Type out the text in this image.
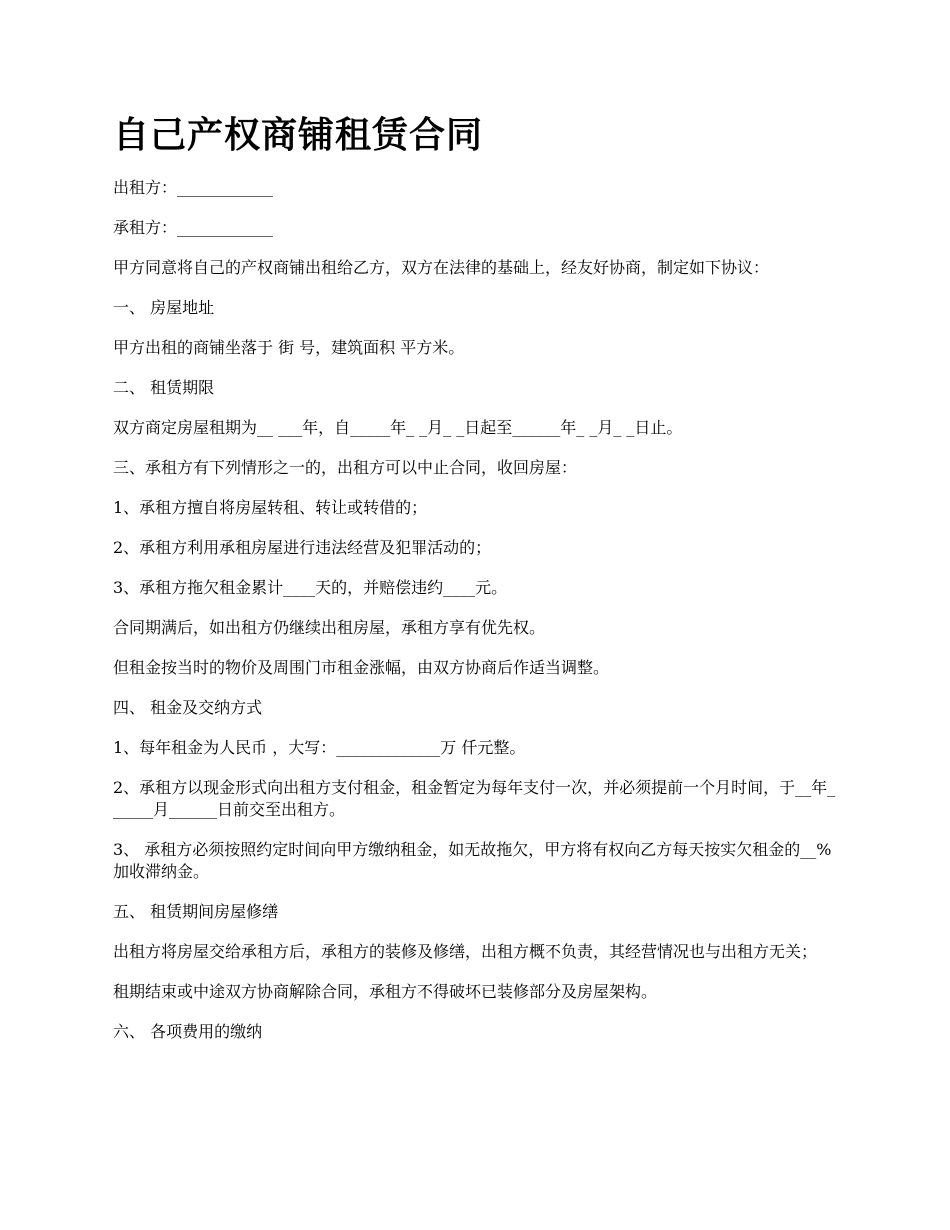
自己产权商铺租赁合同

出租方：____________

承租方：____________

甲方同意将自己的产权商铺出租给乙方，双方在法律的基础上，经友好协商，制定如下协议：

一、 房屋地址

甲方出租的商铺坐落于 街 号，建筑面积 平方米。

二、 租赁期限

双方商定房屋租期为__ ___年，自_____年_ _月_ _日起至______年_ _月_ _日止。

三、承租方有下列情形之一的，出租方可以中止合同，收回房屋：

1、承租方擅自将房屋转租、转让或转借的；

2、承租方利用承租房屋进行违法经营及犯罪活动的；

3、承租方拖欠租金累计____天的，并赔偿违约____元。

合同期满后，如出租方仍继续出租房屋，承租方享有优先权。

但租金按当时的物价及周围门市租金涨幅，由双方协商后作适当调整。

四、 租金及交纳方式

1、每年租金为人民币 ，大写：_____________万 仟元整。

2、承租方以现金形式向出租方支付租金，租金暂定为每年支付一次，并必须提前一个月时间，于__年______月______日前交至出租方。

3、 承租方必须按照约定时间向甲方缴纳租金，如无故拖欠，甲方将有权向乙方每天按实欠租金的__%加收滞纳金。

五、 租赁期间房屋修缮

出租方将房屋交给承租方后，承租方的装修及修缮，出租方概不负责，其经营情况也与出租方无关；

租期结束或中途双方协商解除合同，承租方不得破坏已装修部分及房屋架构。

六、 各项费用的缴纳
